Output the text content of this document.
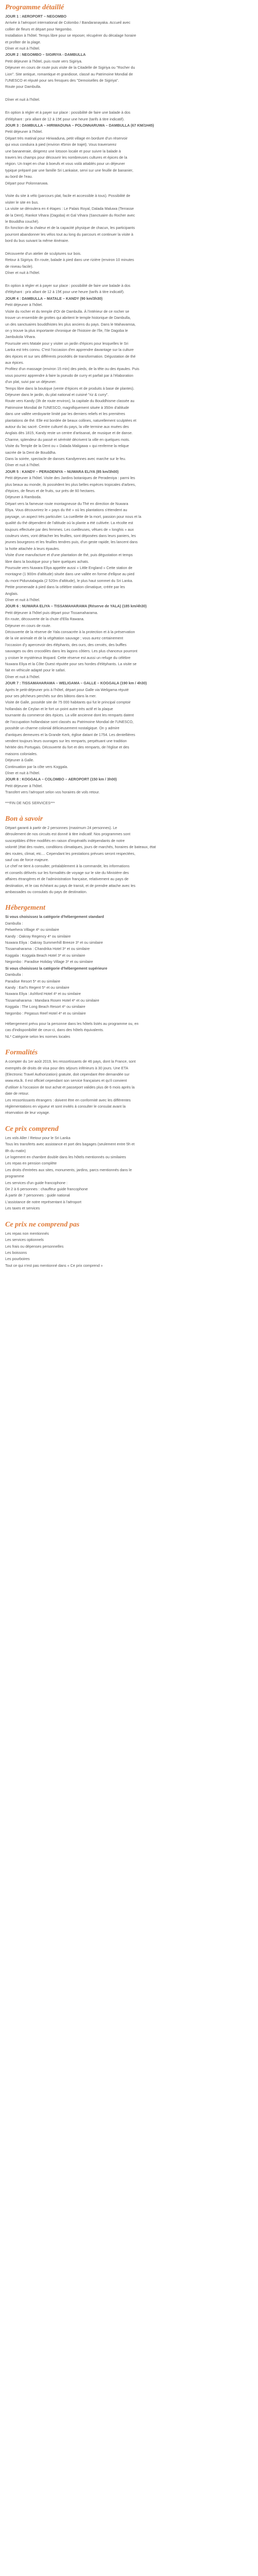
Programme détaillé

JOUR 1 : AEROPORT – NEGOMBO

Arrivée à l'aéroport international de Colombo / Bandaranayaka. Accueil avec

collier de fleurs et départ pour Negombo.

Installation à l'hôtel. Temps libre pour se reposer, récupérer du décalage horaire

et profiter de la plage.

Dîner et nuit à l'hôtel.

JOUR 2 : NEGOMBO – SIGIRIYA - DAMBULLA

Petit déjeuner à l'hôtel, puis route vers Sigiriya.

Déjeuner en cours de route puis visite de la Citadelle de Sigiriya ou "Rocher du

Lion". Site antique, romantique et grandiose, classé au Patrimoine Mondial de

l'UNESCO et réputé pour ses fresques des "Demoiselles de Sigiriya".

Route pour Dambulla.

Dîner et nuit à l'hôtel.

En option à régler et à payer sur place : possibilité de faire une balade à dos

d'éléphant : prix allant de 12 à 15€ pour une heure (tarifs à titre indicatif).

JOUR 3 : DAMBULLA – HIRIWADUNA – POLONNARUWA – DAMBULLA (67 KM/1H45)

Petit déjeuner à l'hôtel.

Départ très matinal pour Hiriwaduna, petit village en bordure d'un réservoir

qui vous conduira à pied (environ 45min de trajet). Vous traverserez

une bananeraie, dirigerez une lotsoon locale et pour suivre la balade à

travers les champs pour découvrir les nombreuses cultures et épices de la

région. Un trajet en char à boeufs et vous voilà attablés pour un déjeuner

typique préparé par une famille Sri Lankaise, servi sur une feuille de bananier,

au bord de l'eau.

Départ pour Polonnaruwa.

Visite du site à vélo (parcours plat, facile et accessible à tous). Possibilité de

visiter le site en bus.

La visite se déroulera en 4 étapes : Le Palais Royal, Dalada Maluwa (Terrasse

de la Dent), Rankot Vihara (Dagoba) et Gal Vihara (Sanctuaire du Rocher avec

le Bouddha couché).

En fonction de la chaleur et de la capacité physique de chacun, les participants

pourront abandonner les vélos tout au long du parcours et continuer la visite à

bord du bus suivant la même itinéraire.

Découverte d'un atelier de sculptures sur bois.

Retour à Sigiriya. En route, balade à pied dans une rizière (environ 10 minutes

de niveau facile).

Dîner et nuit à l'hôtel.

En option à régler et à payer sur place : possibilité de faire une balade à dos

d'éléphant : prix allant de 12 à 15€ pour une heure (tarifs à titre indicatif).

JOUR 4 : DAMBULLA – MATALE – KANDY (90 km/3h30)

Petit déjeuner à l'hôtel.

Visite du rocher et du temple d'Or de Dambulla. À l'intérieur de ce rocher se

trouve un ensemble de grottes qui abritent le temple historique de Dambulla,

un des sanctuaires bouddhistes les plus anciens du pays. Dans le Mahavamsa,

on y trouve la plus importante chronique de l'histoire de l'île, l'Ile Dagoba le

Jambukola Vihara.

Poursuite vers Matale pour y visiter un jardin d'épices pour lesquelles le Sri

Lanka est très connu. C'est l'occasion d'en apprendre davantage sur la culture

des épices et sur ses différents procédés de transformation. Dégustation de thé

aux épices.

Profitez d'un massage (environ 15 min) des pieds, de la tête ou des épaules. Puis

vous pourrez apprendre à faire la pseudo de curry et parfait par à l'élaboration

d'un plat, suivi par un déjeuner.

Temps libre dans la boutique (vente d'épices et de produits à base de plantes).

Déjeuner dans le jardin, du plat national et cuisiné "riz & curry".

Route vers Kandy (3h de route environ), la capitale du Bouddhisme classée au

Patrimoine Mondial de l'UNESCO, magnifiquement située à 350m d'altitude

dans une vallée verdoyante limité par les derniers reliefs et les premières

plantations de thé. Elle est bordée de beaux collines, naturellement sculptées et

autour du lac sacré. Centre culturel du pays, la ville termine aux muées des

Anglais dès 1815, Kandy reste un centre d'artisanat, de musique et de danse.

Charme, splendeur du passé et sérénité décrivent la ville en quelques mots.

Visite du Temple de la Dent ou « Dalada Maligawa » qui renferme la relique

sacrée de la Dent de Bouddha.

Dans la soirée, spectacle de danses Kandyennes avec marche sur le feu.

Dîner et nuit à l'hôtel.

JOUR 5 : KANDY – PERADENIYA – NUWARA ELIYA (85 km/3h00)

Petit déjeuner à l'hôtel. Visite des Jardins botaniques de Peradeniya : parmi les

plus beaux au monde, ils possèdent les plus belles espèces tropicales d'arbres,

d'épices, de fleurs et de fruits, sur près de 60 hectares.

Déjeuner à Ramboda.

Départ vers la fameuse route montagneuse du Thé en direction de Nuwara

Eliya. Vous découvrirez le « pays du thé » où les plantations s'étendent au

paysage, un aspect très particulier. La cueillette de la mort, passion pour nous et la

qualité du thé dépendent de l'altitude où la plante a été cultivée. La récolte est

toujours effectuée par des femmes. Les cueilleuses, vêtues de « longhis » aux

couleurs vives, vont détacher les feuilles, sont déposées dans leurs paniers, les

jeunes bourgeons et les feuilles tendres puis, d'un geste rapide, les lancent dans

la hotte attachée à leurs épaules.

Visite d'une manufacture et d'une plantation de thé, puis dégustation et temps

libre dans la boutique pour y faire quelques achats.

Poursuite vers Nuwara Eliya appelée aussi « Little England » Cette station de

montagne (1 900m d'altitude) située dans une vallée en forme d'ellipse au pied

du mont Pidurutalagala (2 520m d'altitude), le plus haut sommet du Sri Lanka.

Petite promenade à pied dans la célèbre station climatique, créée par les

Anglais.

Dîner et nuit à l'hôtel.

JOUR 6 : NUWARA ELIYA – TISSAMAHARAMA (Réserve de YALA) (185 km/4h30)

Petit déjeuner à l'hôtel puis départ pour Tissamaharama.

En route, découverte de la chute d'Ella Rawana.

Déjeuner en cours de route.

Découverte de la réserve de Yala consacrée à la protection et à la préservation

de la vie animale et de la végétation sauvage ; vous aurez certainement

l'occasion d'y apercevoir des éléphants, des ours, des cerviés, des buffles

sauvages ou des crocodiles dans les lagons côtiers. Les plus chanceux pourront

y croiser le mystérieux léopard. Cette réserve est aussi un refuge du célèbre

Nuwara Eliya et la Côte Ouest réputée pour ses hordes d'éléphants. La visite se

fait en véhicule adapté pour le safari.

Dîner et nuit à l'hôtel.

JOUR 7 : TISSAMAHARAMA – WELIGAMA – GALLE – KOGGALA (190 km / 4h30)

Après le petit-déjeuner pris à l'hôtel, départ pour Galle via Weligama réputé

pour ses pêcheurs perchés sur des bâtons dans la mer.

Visite de Galle, possède site de 75 000 habitants qui fut le principal comptoir

hollandais de Ceylan et le fort un point autre très actif et la plaque

tournante du commerce des épices. La ville ancienne dont les remparts datent

de l'occupation hollandaise sont classés au Patrimoine Mondial de l'UNESCO,

possède un charme colonial délicieusement nostalgique. On y admire

d'antiques demeures et la Grande Kerk, église datant de 1754. Les dentellières

vendent toujours leurs ouvrages sur les remparts, perpétuant une tradition

héritée des Portugais. Découverte du fort et des remparts, de l'église et des

maisons coloniales.

Déjeuner à Galle.

Continuation par la côte vers Koggala.

Dîner et nuit à l'hôtel.

JOUR 8 : KOGGALA – COLOMBO – AEROPORT (150 km / 3h00)

Petit déjeuner à l'hôtel.

Transfert vers l'aéroport selon vos horaires de vols retour.

***FIN DE NOS SERVICES***

Bon à savoir

Départ garanti à partir de 2 personnes (maximum 24 personnes). Le

déroulement de nos circuits est donné à titre indicatif. Nos programmes sont

susceptibles d'être modifiés en raison d'impératifs indépendants de notre

volonté (état des routes, conditions climatiques, jours de marchés, horaires de bateaux, état

des routes, climat, etc.... Cependant les prestations prévues seront respectées,

sauf cas de force majeure.

Le chef ne tient à consulter, préalablement à la commande, les informations

et conseils délivrés sur les formalités de voyage sur le site du Ministère des

affaires étrangères et de l'administration française, relativement au pays de

destination, et le cas échéant au pays de transit, et de prendre attache avec les

ambassades ou consulats du pays de destination.

Hébergement

Si vous choisissez la catégorie d'hébergement standard

Dambulla :

Pelwehera Village 4* ou similaire

Kandy : Oakray Regency 4* ou similaire

Nuwara Eliya : Oakray Summerhill Breeze 3* et ou similaire

Tissamaharama : Chandrika Hotel 3* et ou similaire

Koggala : Koggala Beach Hotel 3* et ou similaire

Negombo : Paradise Holiday Village 3* et ou similaire

Si vous choisissez la catégorie d'hébergement supérieure

Dambulla :

Paradise Resort 5* et ou similaire

Kandy : Earl's Regent 5* et ou similaire

Nuwara Eliya : Ashford Hotel 4* et ou similaire

Tissamaharama : Mandara Rosen Hotel 4* et ou similaire

Koggala : The Long Beach Resort 4* ou similaire

Negombo : Pegasus Reef Hotel 4* et ou similaire

Hébergement prévu pour la personne dans les hôtels listés au programme ou, en

cas d'indisponibilité de ceux-ci, dans des hôtels équivalents.

NL* Catégorie selon les normes locales

Formalités

A compter du 1er août 2019, les ressortissants de 46 pays, dont la France, sont

exemptés de droits de visa pour des séjours inférieurs à 30 jours. Une ETA

(Electronic Travel Authorization) gratuite, doit cependant être demandée sur

www.eta.lk. Il est officiel cependant son service françaises et qu'il convient

d'utiliser à l'occasion de tout achat et passeport valides plus de 6 mois après la

date de retour.

Les ressortissants étrangers : doivent être en conformité avec les différentes

réglementations en vigueur et sont invités à consulter le consulat avant la

réservation de leur voyage.

Ce prix comprend

Les vols Aller / Retour pour le Sri Lanka

Tous les transferts avec assistance et port des bagages (seulement entre 5h et

8h du matin)

Le logement en chambre double dans les hôtels mentionnés ou similaires

Les repas en pension complète

Les droits d'entrées aux sites, monuments, jardins, parcs mentionnés dans le

programme

Les services d'un guide francophone :

De 2 à 6 personnes : chauffeur guide francophone

À partir de 7 personnes : guide national

L'assistance de notre représentant à l'aéroport

Les taxes et services

Ce prix ne comprend pas

Les repas non mentionnés

Les services optionnels

Les frais ou dépenses personnelles

Les boissons

Les pourboires

Tout ce qui n'est pas mentionné dans « Ce prix comprend »
